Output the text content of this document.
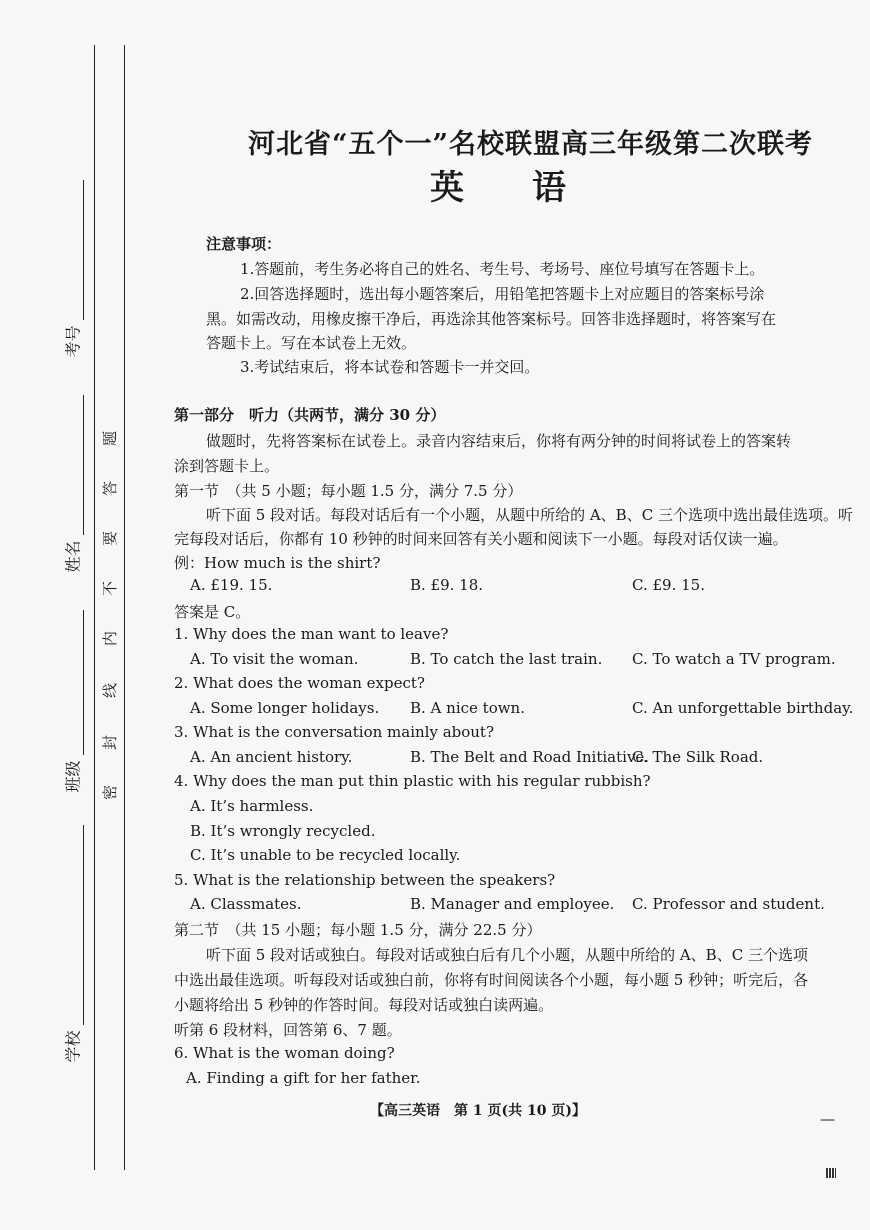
考号
姓名
班级
学校
题
答
要
不
内
线
封
密
河北省“五个一”名校联盟高三年级第二次联考
英　　语
注意事项：
1.答题前，考生务必将自己的姓名、考生号、考场号、座位号填写在答题卡上。
2.回答选择题时，选出每小题答案后，用铅笔把答题卡上对应题目的答案标号涂
黑。如需改动，用橡皮擦干净后，再选涂其他答案标号。回答非选择题时，将答案写在
答题卡上。写在本试卷上无效。
3.考试结束后，将本试卷和答题卡一并交回。
第一部分　听力（共两节，满分 30 分）
做题时，先将答案标在试卷上。录音内容结束后，你将有两分钟的时间将试卷上的答案转
涂到答题卡上。
第一节　（共 5 小题；每小题 1.5 分，满分 7.5 分）
听下面 5 段对话。每段对话后有一个小题，从题中所给的 A、B、C 三个选项中选出最佳选项。听
完每段对话后，你都有 10 秒钟的时间来回答有关小题和阅读下一小题。每段对话仅读一遍。
例：How much is the shirt?
A. £19. 15.	B. £9. 18.	C. £9. 15.
答案是 C。
1. Why does the man want to leave?
A. To visit the woman.	B. To catch the last train. C. To watch a TV program.
2. What does the woman expect?
A. Some longer holidays. B. A nice town.	C. An unforgettable birthday.
3. What is the conversation mainly about?
A. An ancient history.	B. The Belt and Road Initiative.
C. The Silk Road.
4. Why does the man put thin plastic with his regular rubbish?
A. It’s harmless.
B. It’s wrongly recycled.
C. It’s unable to be recycled locally.
5. What is the relationship between the speakers?
A. Classmates.	B. Manager and employee. C. Professor and student.
第二节　（共 15 小题；每小题 1.5 分，满分 22.5 分）
听下面 5 段对话或独白。每段对话或独白后有几个小题，从题中所给的 A、B、C 三个选项
中选出最佳选项。听每段对话或独白前，你将有时间阅读各个小题，每小题 5 秒钟；听完后，各
小题将给出 5 秒钟的作答时间。每段对话或独白读两遍。
听第 6 段材料，回答第 6、7 题。
6. What is the woman doing?
A. Finding a gift for her father.
【高三英语　第 1 页(共 10 页)】	—
